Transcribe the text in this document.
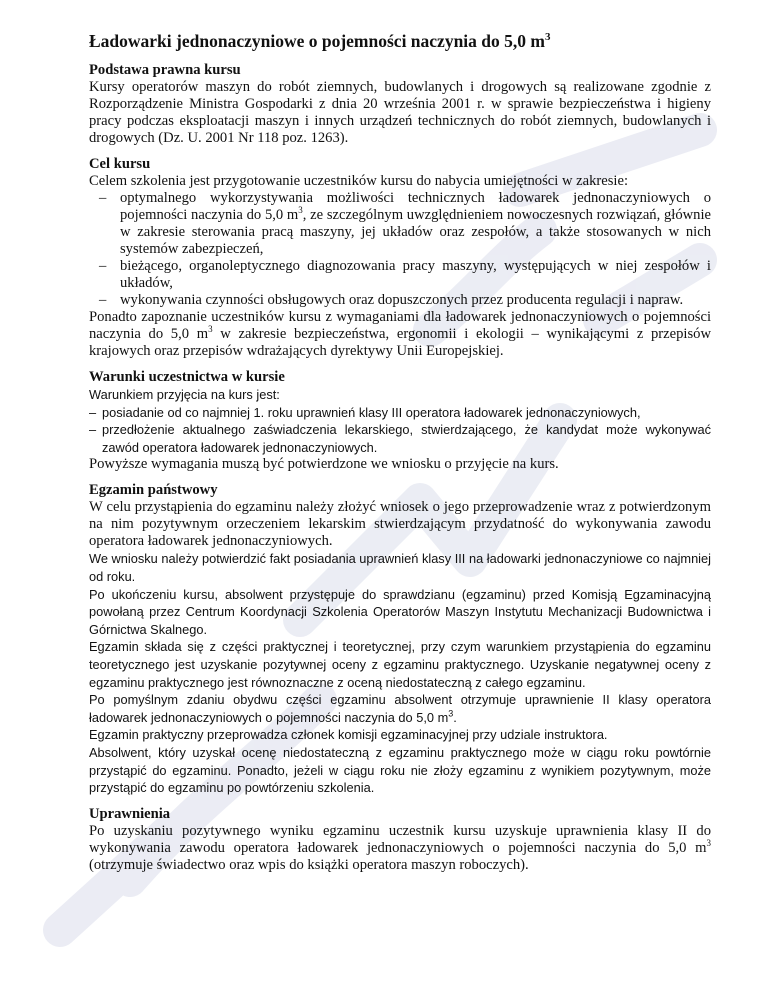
Ładowarki jednonaczyniowe o pojemności naczynia do 5,0 $m^3$

Podstawa prawna kursu

Kursy operatorów maszyn do robót ziemnych, budowlanych i drogowych są realizowane zgodnie z Rozporządzenie Ministra Gospodarki z dnia 20 września 2001 r. w sprawie bezpieczeństwa i higieny pracy podczas eksploatacji maszyn i innych urządzeń technicznych do robót ziemnych, budowlanych i drogowych (Dz. U. 2001 Nr 118 poz. 1263).

Cel kursu

Celem szkolenia jest przygotowanie uczestników kursu do nabycia umiejętności w zakresie:

– optymalnego wykorzystywania możliwości technicznych ładowarek jednonaczyniowych o pojemności naczynia do 5,0 $m^3$, ze szczególnym uwzględnieniem nowoczesnych rozwiązań, głównie w zakresie sterowania pracą maszyny, jej układów oraz zespołów, a także stosowanych w nich systemów zabezpieczeń,
– bieżącego, organoleptycznego diagnozowania pracy maszyny, występujących w niej zespołów i układów,
– wykonywania czynności obsługowych oraz dopuszczonych przez producenta regulacji i napraw.

Ponadto zapoznanie uczestników kursu z wymaganiami dla ładowarek jednonaczyniowych o pojemności naczynia do 5,0 $m^3$ w zakresie bezpieczeństwa, ergonomii i ekologii – wynikającymi z przepisów krajowych oraz przepisów wdrażających dyrektywy Unii Europejskiej.

Warunki uczestnictwa w kursie

Warunkiem przyjęcia na kurs jest:

– posiadanie od co najmniej 1. roku uprawnień klasy III operatora ładowarek jednonaczyniowych,
– przedłożenie aktualnego zaświadczenia lekarskiego, stwierdzającego, że kandydat może wykonywać zawód operatora ładowarek jednonaczyniowych.

Powyższe wymagania muszą być potwierdzone we wniosku o przyjęcie na kurs.

Egzamin państwowy

W celu przystąpienia do egzaminu należy złożyć wniosek o jego przeprowadzenie wraz z potwierdzonym na nim pozytywnym orzeczeniem lekarskim stwierdzającym przydatność do wykonywania zawodu operatora ładowarek jednonaczyniowych.

We wniosku należy potwierdzić fakt posiadania uprawnień klasy III na ładowarki jednonaczyniowe co najmniej od roku.

Po ukończeniu kursu, absolwent przystępuje do sprawdzianu (egzaminu) przed Komisją Egzaminacyjną powołaną przez Centrum Koordynacji Szkolenia Operatorów Maszyn Instytutu Mechanizacji Budownictwa i Górnictwa Skalnego.

Egzamin składa się z części praktycznej i teoretycznej, przy czym warunkiem przystąpienia do egzaminu teoretycznego jest uzyskanie pozytywnej oceny z egzaminu praktycznego. Uzyskanie negatywnej oceny z egzaminu praktycznego jest równoznaczne z oceną niedostateczną z całego egzaminu.

Po pomyślnym zdaniu obydwu części egzaminu absolwent otrzymuje uprawnienie II klasy operatora ładowarek jednonaczyniowych o pojemności naczynia do 5,0 $m^3$.

Egzamin praktyczny przeprowadza członek komisji egzaminacyjnej przy udziale instruktora.

Absolwent, który uzyskał ocenę niedostateczną z egzaminu praktycznego może w ciągu roku powtórnie przystąpić do egzaminu. Ponadto, jeżeli w ciągu roku nie złoży egzaminu z wynikiem pozytywnym, może przystąpić do egzaminu po powtórzeniu szkolenia.

Uprawnienia

Po uzyskaniu pozytywnego wyniku egzaminu uczestnik kursu uzyskuje uprawnienia klasy II do wykonywania zawodu operatora ładowarek jednonaczyniowych o pojemności naczynia do 5,0 $m^3$ (otrzymuje świadectwo oraz wpis do książki operatora maszyn roboczych).
